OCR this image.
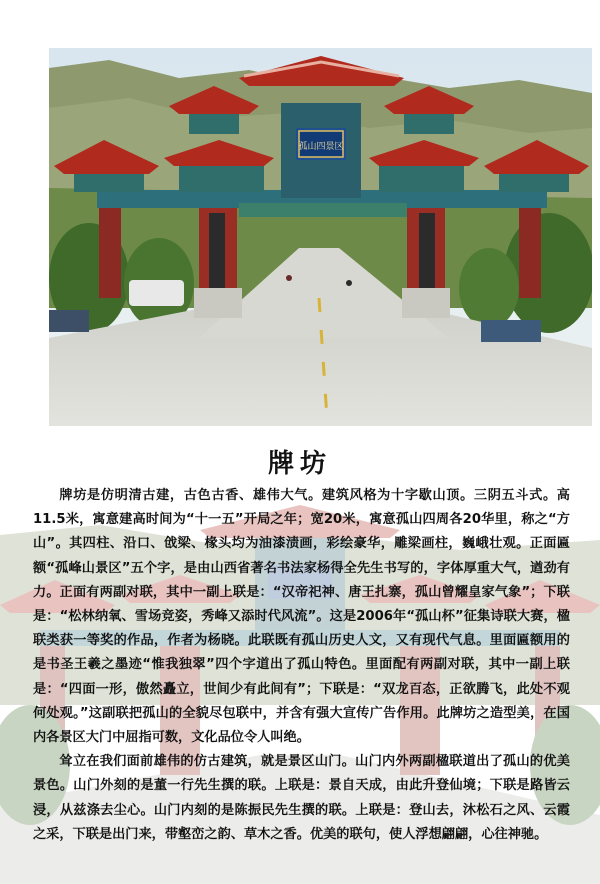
孤山四景区
牌坊

牌坊是仿明清古建，古色古香、雄伟大气。建筑风格为十字歇山顶。三阴五斗式。高11.5米，寓意建高时间为“十一五”开局之年；宽20米，寓意孤山四周各20华里，称之“方山”。其四柱、沿口、戗梁、椽头均为油漆渍画，彩绘豪华，雕梁画柱，巍峨壮观。正面匾额“孤峰山景区”五个字，是由山西省著名书法家杨得全先生书写的，字体厚重大气，遒劲有力。正面有两副对联，其中一副上联是：“汉帝祀神、唐王扎寨，孤山曾耀皇家气象”；下联是：“松林纳氧、雪场竞姿，秀峰又添时代风流”。这是2006年“孤山杯”征集诗联大赛，楹联类获一等奖的作品，作者为杨晓。此联既有孤山历史人文，又有现代气息。里面匾额用的是书圣王羲之墨迹“惟我独翠”四个字道出了孤山特色。里面配有两副对联，其中一副上联是：“四面一形，傲然矗立，世间少有此间有”；下联是：“双龙百态，正欲腾飞，此处不观何处观。”这副联把孤山的全貌尽包联中，并含有强大宣传广告作用。此牌坊之造型美，在国内各景区大门中屈指可数，文化品位令人叫绝。

耸立在我们面前雄伟的仿古建筑，就是景区山门。山门内外两副楹联道出了孤山的优美景色。山门外刻的是董一行先生撰的联。上联是：景自天成，由此升登仙境；下联是路皆云浸，从兹涤去尘心。山门内刻的是陈振民先生撰的联。上联是：登山去，沐松石之风、云霞之采，下联是出门来，带壑峦之韵、草木之香。优美的联句，使人浮想翩翩，心往神驰。
